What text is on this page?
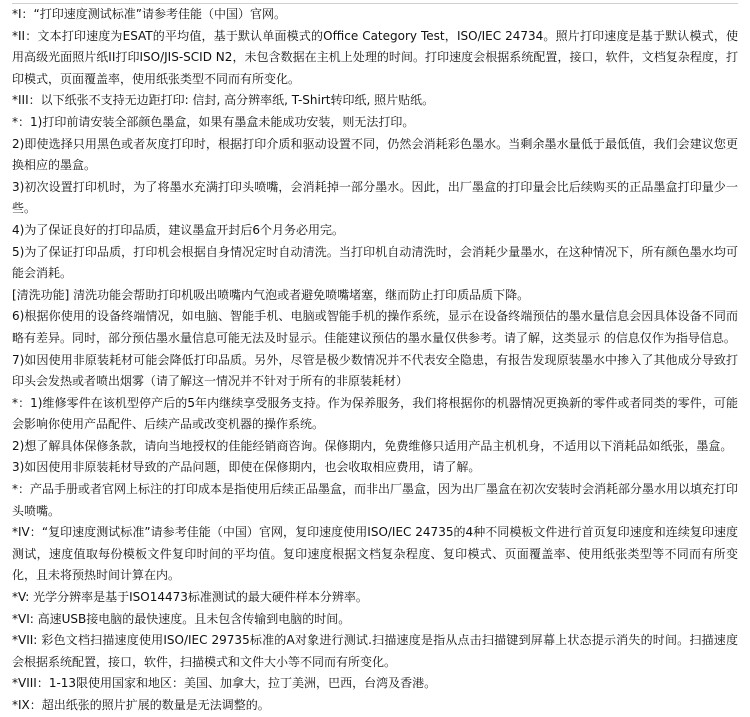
*I：“打印速度测试标准”请参考佳能（中国）官网。

*II：文本打印速度为ESAT的平均值，基于默认单面模式的Office Category Test，ISO/IEC 24734。照片打印速度是基于默认模式，使用高级光面照片纸II打印ISO/JIS-SCID N2，未包含数据在主机上处理的时间。打印速度会根据系统配置，接口，软件，文档复杂程度，打印模式，页面覆盖率，使用纸张类型不同而有所变化。

*III：以下纸张不支持无边距打印: 信封, 高分辨率纸, T-Shirt转印纸, 照片贴纸。

*：1)打印前请安装全部颜色墨盒，如果有墨盒未能成功安装，则无法打印。

2)即使选择只用黑色或者灰度打印时，根据打印介质和驱动设置不同，仍然会消耗彩色墨水。当剩余墨水量低于最低值，我们会建议您更换相应的墨盒。

3)初次设置打印机时，为了将墨水充满打印头喷嘴，会消耗掉一部分墨水。因此，出厂墨盒的打印量会比后续购买的正品墨盒打印量少一些。

4)为了保证良好的打印品质，建议墨盒开封后6个月务必用完。

5)为了保证打印品质，打印机会根据自身情况定时自动清洗。当打印机自动清洗时，会消耗少量墨水，在这种情况下，所有颜色墨水均可能会消耗。

[清洗功能] 清洗功能会帮助打印机吸出喷嘴内气泡或者避免喷嘴堵塞，继而防止打印质品质下降。

6)根据你使用的设备终端情况，如电脑、智能手机、电脑或智能手机的操作系统，显示在设备终端预估的墨水量信息会因具体设备不同而略有差异。同时，部分预估墨水量信息可能无法及时显示。佳能建议预估的墨水量仅供参考。请了解，这类显示 的信息仅作为指导信息。

7)如因使用非原装耗材可能会降低打印品质。另外，尽管是极少数情况并不代表安全隐患，有报告发现原装墨水中掺入了其他成分导致打印头会发热或者喷出烟雾（请了解这一情况并不针对于所有的非原装耗材）

*：1)维修零件在该机型停产后的5年内继续享受服务支持。作为保养服务，我们将根据你的机器情况更换新的零件或者同类的零件，可能会影响你使用产品配件、后续产品或改变机器的操作系统。

2)想了解具体保修条款，请向当地授权的佳能经销商咨询。保修期内，免费维修只适用产品主机机身，不适用以下消耗品如纸张，墨盒。

3)如因使用非原装耗材导致的产品问题，即使在保修期内，也会收取相应费用，请了解。

*：产品手册或者官网上标注的打印成本是指使用后续正品墨盒，而非出厂墨盒，因为出厂墨盒在初次安装时会消耗部分墨水用以填充打印头喷嘴。

*IV：“复印速度测试标准”请参考佳能（中国）官网，复印速度使用ISO/IEC 24735的4种不同模板文件进行首页复印速度和连续复印速度测试，速度值取每份模板文件复印时间的平均值。复印速度根据文档复杂程度、复印模式、页面覆盖率、使用纸张类型等不同而有所变化，且未将预热时间计算在内。

*V: 光学分辨率是基于ISO14473标准测试的最大硬件样本分辨率。

*VI: 高速USB接电脑的最快速度。且未包含传输到电脑的时间。

*VII: 彩色文档扫描速度使用ISO/IEC 29735标准的A对象进行测试.扫描速度是指从点击扫描键到屏幕上状态提示消失的时间。扫描速度会根据系统配置，接口，软件，扫描模式和文件大小等不同而有所变化。

*VIII：1-13限使用国家和地区：美国、加拿大，拉丁美洲，巴西，台湾及香港。

*IX：超出纸张的照片扩展的数量是无法调整的。
